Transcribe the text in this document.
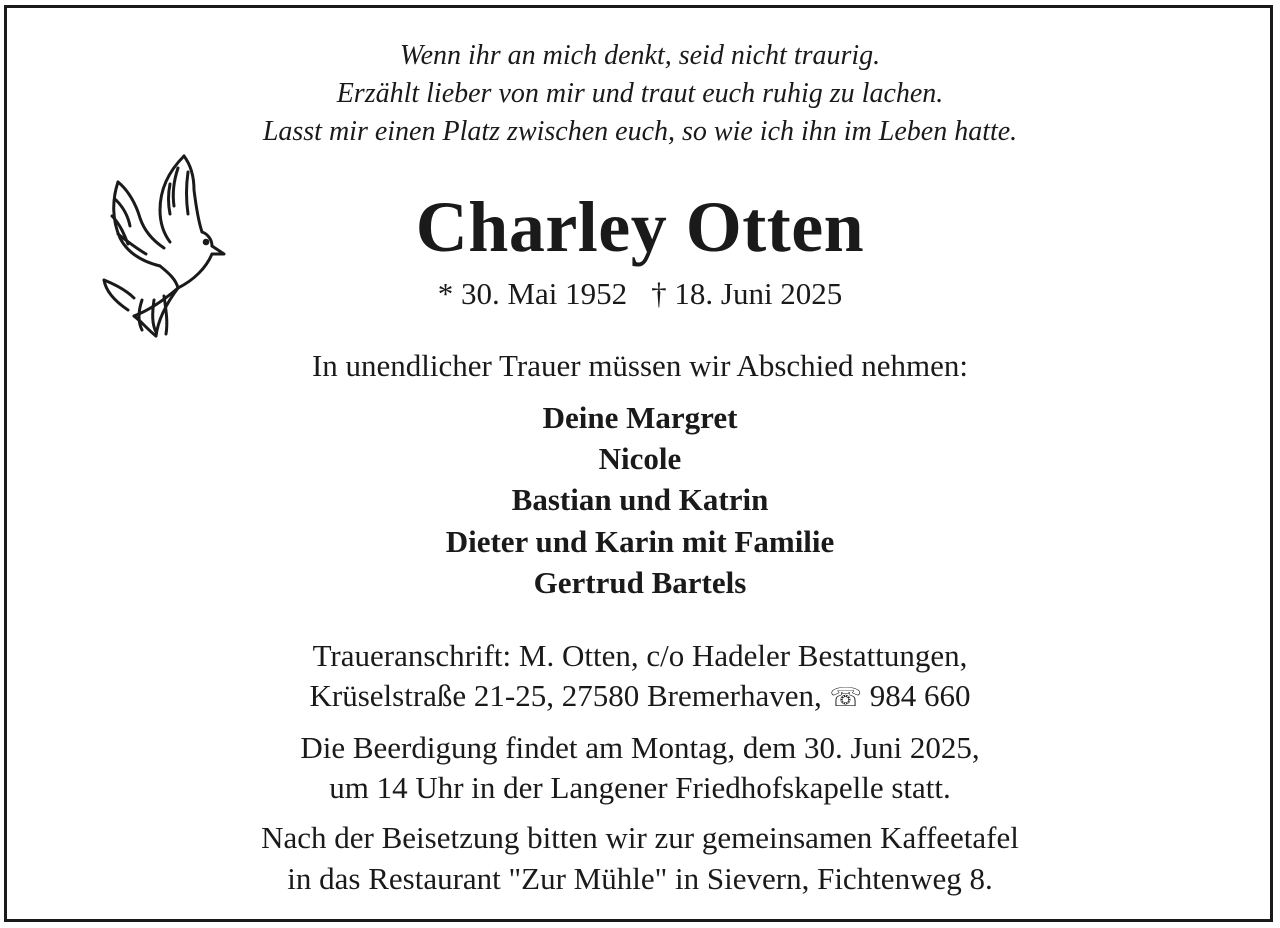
Wenn ihr an mich denkt, seid nicht traurig.
Erzählt lieber von mir und traut euch ruhig zu lachen.
Lasst mir einen Platz zwischen euch, so wie ich ihn im Leben hatte.
Charley Otten
* 30. Mai 1952 † 18. Juni 2025
In unendlicher Trauer müssen wir Abschied nehmen:
Deine Margret
Nicole
Bastian und Katrin
Dieter und Karin mit Familie
Gertrud Bartels
Traueranschrift: M. Otten, c/o Hadeler Bestattungen,
Krüselstraße 21-25, 27580 Bremerhaven, ☏ 984 660
Die Beerdigung findet am Montag, dem 30. Juni 2025,
um 14 Uhr in der Langener Friedhofskapelle statt.
Nach der Beisetzung bitten wir zur gemeinsamen Kaffeetafel
in das Restaurant "Zur Mühle" in Sievern, Fichtenweg 8.
